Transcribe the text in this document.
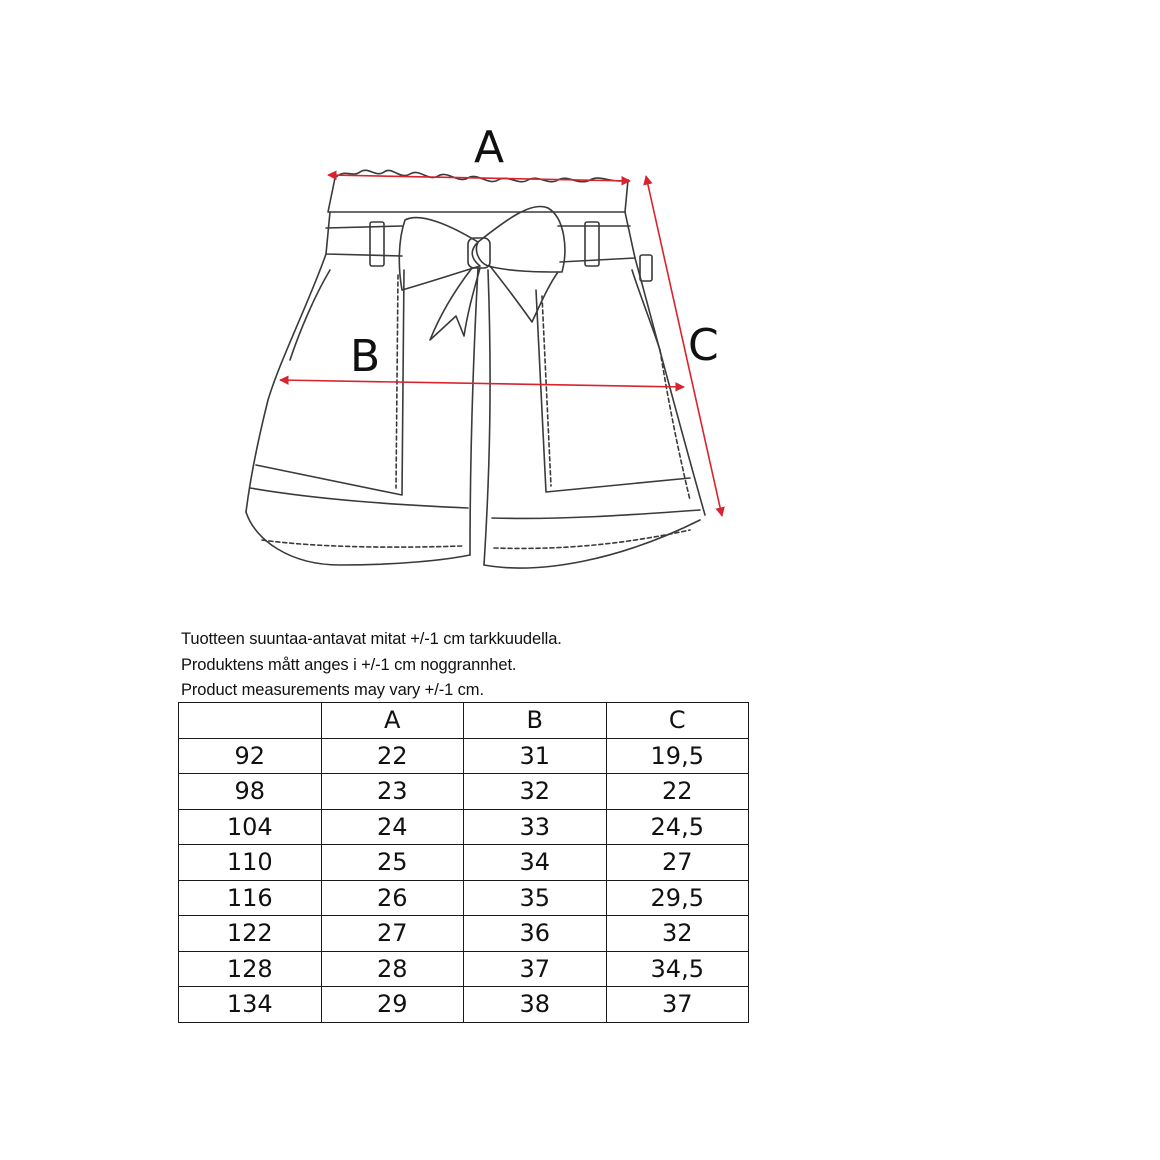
A
B	C
Tuotteen suuntaa-antavat mitat +/-1 cm tarkkuudella.
Produktens mått anges i +/-1 cm noggrannhet.
Product measurements may vary +/-1 cm.
	A	B	C
92	22	31	19,5
98	23	32	22
104	24	33	24,5
110	25	34	27
116	26	35	29,5
122	27	36	32
128	28	37	34,5
134	29	38	37
